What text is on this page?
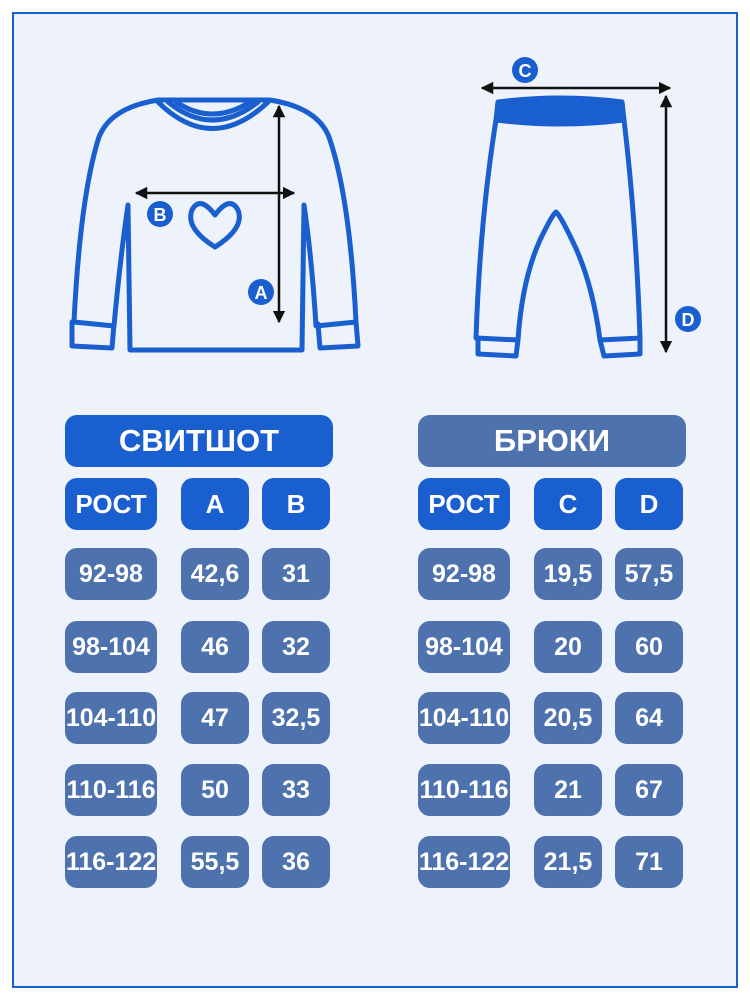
B
A
C
D
СВИТШОТ
РОСТ	A	B
92-98	42,6	31
98-104	46	32
104-110	47	32,5
110-116	50	33
116-122	55,5	36
БРЮКИ
РОСТ	C	D
92-98	19,5	57,5
98-104	20	60
104-110	20,5	64
110-116	21	67
116-122	21,5	71
